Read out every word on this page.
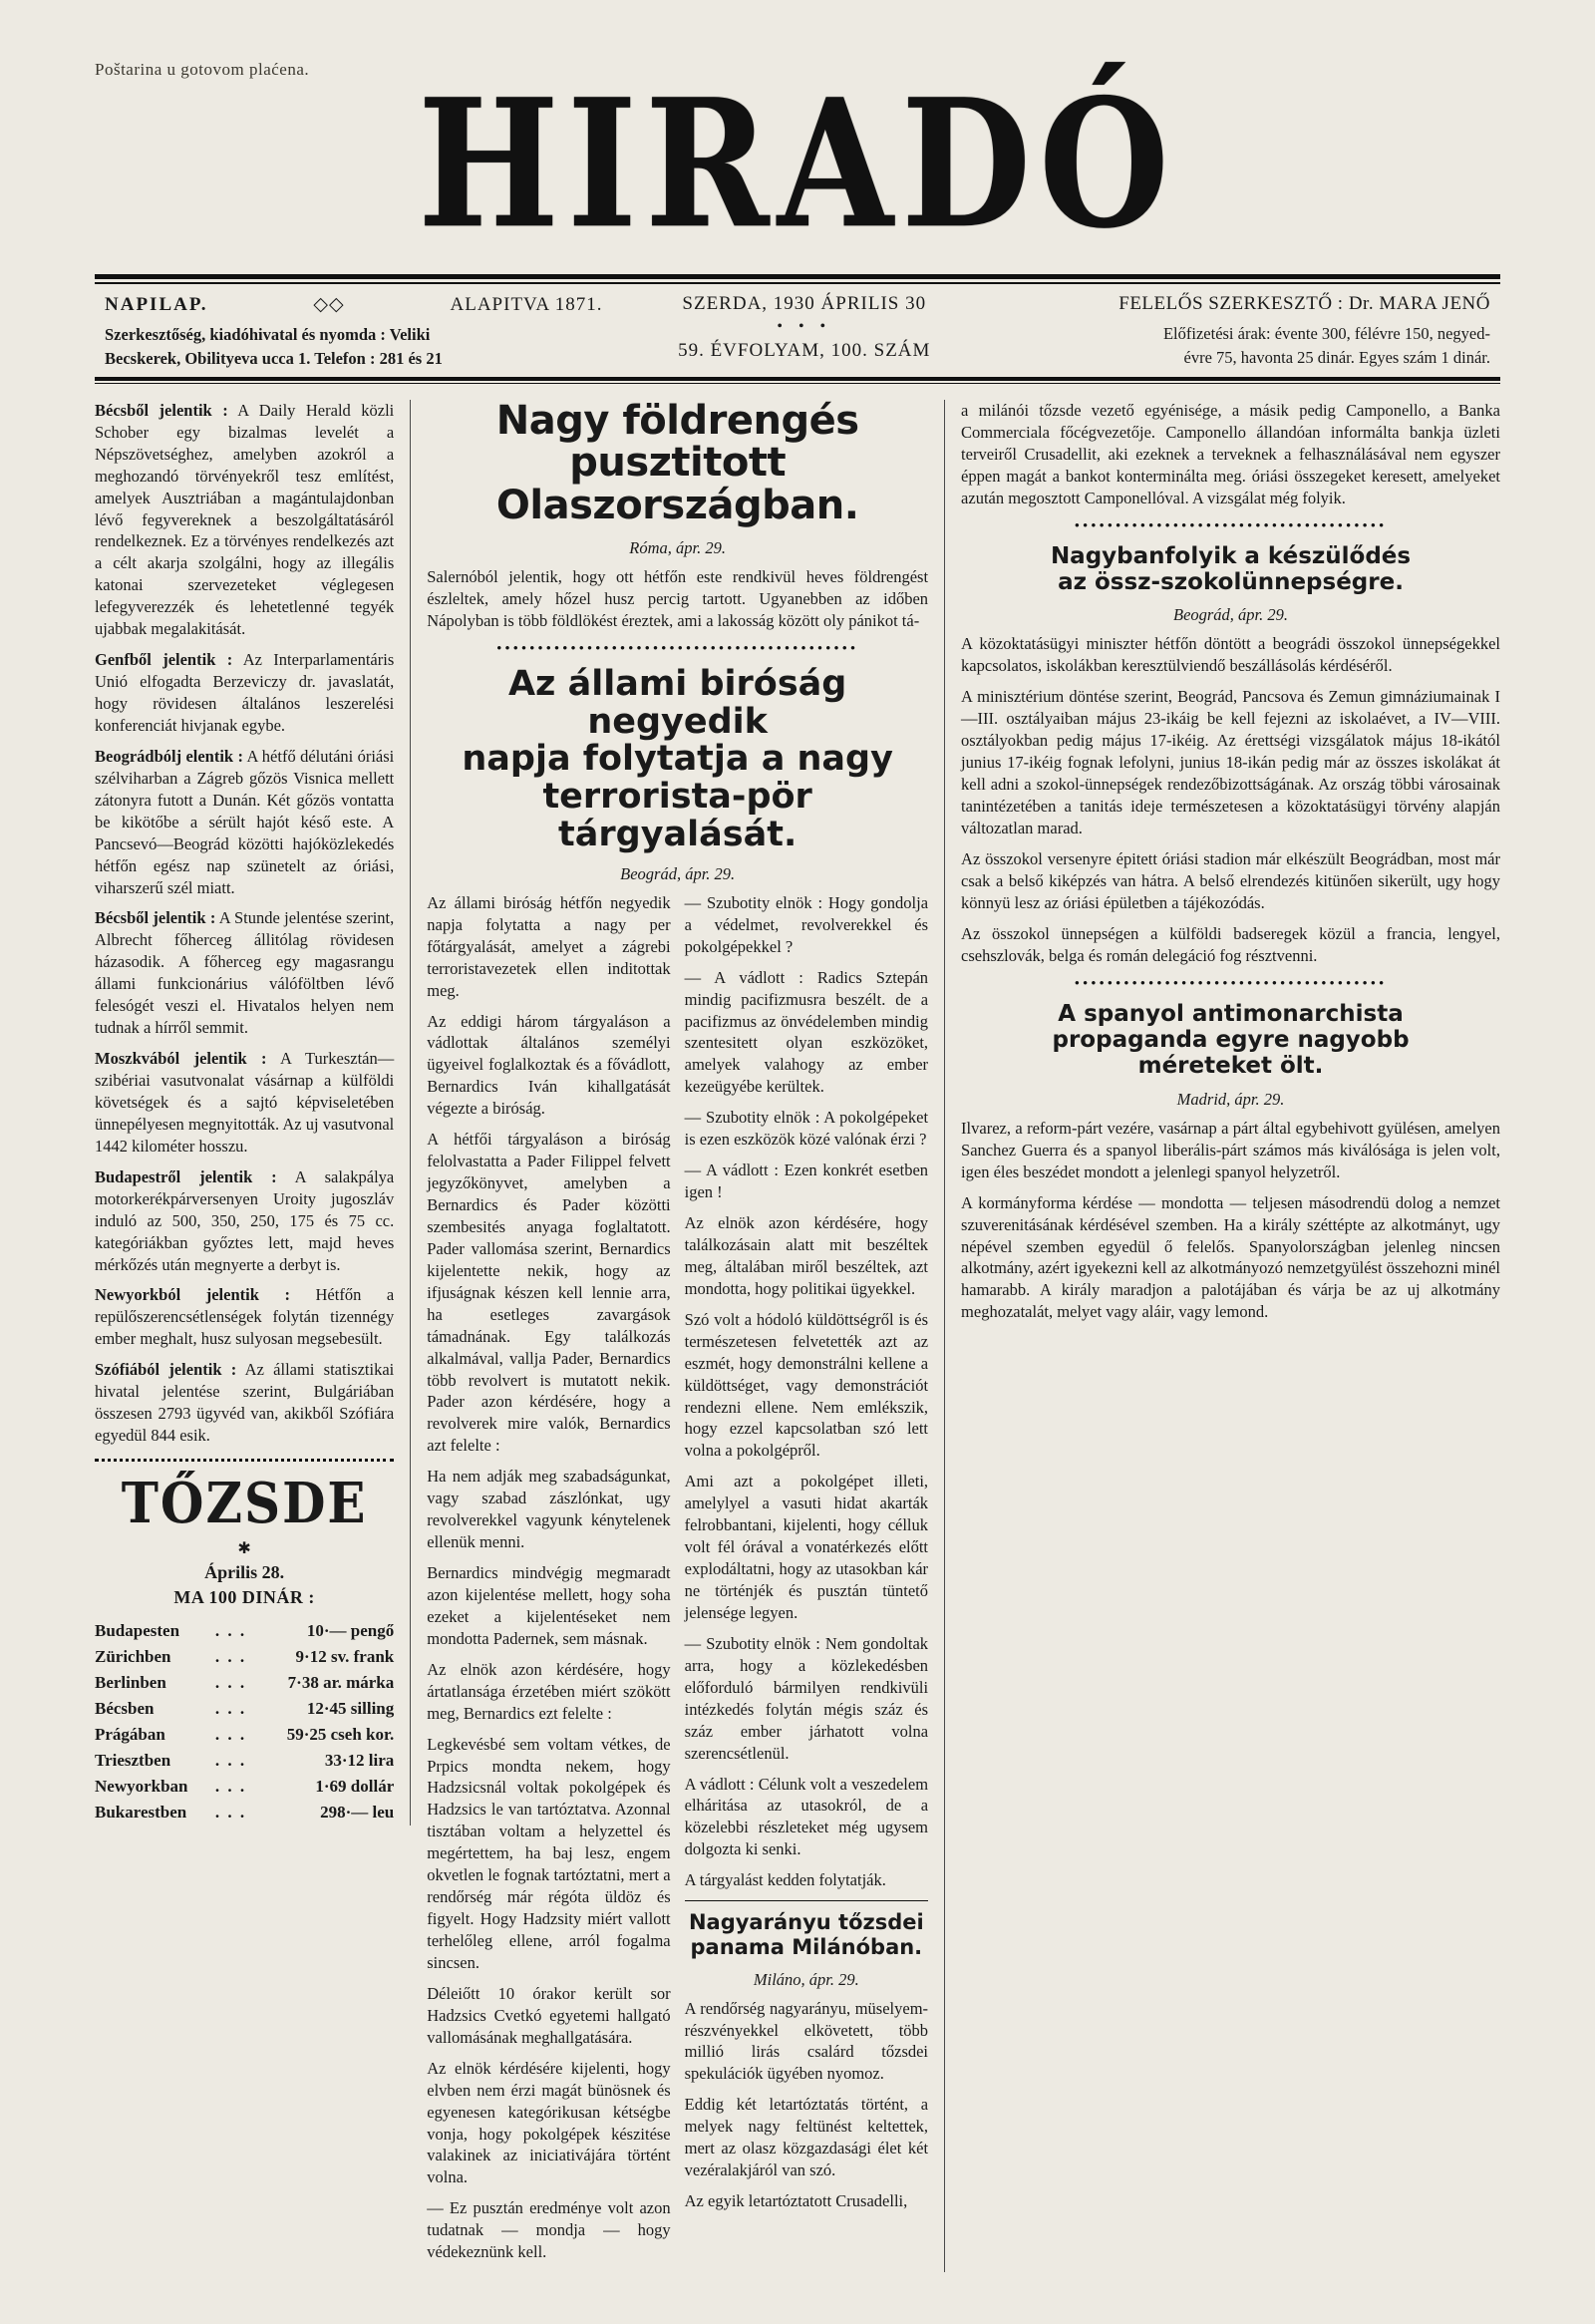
Poštarina u gotovom plaćena. HIRADÓ
NAPILAP.	◇◇	ALAPITVA 1871.
Szerkesztőség, kiadóhivatal és nyomda : Veliki
Becskerek, Obilityeva ucca 1. Telefon : 281 és 21
SZERDA, 1930 ÁPRILIS 30
• • •
59. ÉVFOLYAM, 100. SZÁM
FELELŐS SZERKESZTŐ : Dr. MARA JENŐ
Előfizetési árak: évente 300, félévre 150, negyed-
évre 75, havonta 25 dinár. Egyes szám 1 dinár.

Bécsből jelentik : A Daily Herald közli Schober egy bizalmas levelét a Népszövetséghez, amelyben azokról a meghozandó törvényekről tesz említést, amelyek Ausztriában a magántulajdonban lévő fegyvereknek a beszolgáltatásáról rendelkeznek. Ez a törvényes rendelkezés azt a célt akarja szolgálni, hogy az illegális katonai szervezeteket véglegesen lefegyverezzék és lehetetlenné tegyék ujabbak megalakitását.

Genfből jelentik : Az Interparlamentáris Unió elfogadta Berzeviczy dr. javaslatát, hogy rövidesen általános leszerelési konferenciát hivjanak egybe.

Beográdbólj elentik : A hétfő délutáni óriási szélviharban a Zágreb gőzös Visnica mellett zátonyra futott a Dunán. Két gőzös vontatta be kikötőbe a sérült hajót késő este. A Pancsevó—Beográd közötti hajóközlekedés hétfőn egész nap szünetelt az óriási, viharszerű szél miatt.

Bécsből jelentik : A Stunde jelentése szerint, Albrecht főherceg állitólag rövidesen házasodik. A főherceg egy magasrangu állami funkcionárius válóföltben lévő felesógét veszi el. Hivatalos helyen nem tudnak a hírről semmit.

Moszkvából jelentik : A Turkesztán—szibériai vasutvonalat vásárnap a külföldi követségek és a sajtó képviseletében ünnepélyesen megnyitották. Az uj vasutvonal 1442 kilométer hosszu.

Budapestről jelentik : A salakpálya motorkerékpárversenyen Uroity jugoszláv induló az 500, 350, 250, 175 és 75 cc. kategóriákban győztes lett, majd heves mérkőzés után megnyerte a derbyt is.

Newyorkból jelentik : Hétfőn a repülőszerencsétlenségek folytán tizennégy ember meghalt, husz sulyosan megsebesült.

Szófiából jelentik : Az állami statisztikai hivatal jelentése szerint, Bulgáriában összesen 2793 ügyvéd van, akikből Szófiára egyedül 844 esik.

TŐZSDE
✱
Április 28.
MA 100 DINÁR :
Budapesten	. . .	10·— pengő
Zürichben	. . .	9·12 sv. frank
Berlinben	. . .	7·38 ar. márka
Bécsben	. . .	12·45 silling
Prágában	. . .	59·25 cseh kor.
Triesztben	. . .	33·12 lira
Newyorkban	. . .	1·69 dollár
Bukarestben	. . .	298·— leu
Nagy földrengés pusztitott
Olaszországban.
Róma, ápr. 29.

Salernóból jelentik, hogy ott hétfőn este rendkivül heves földrengést észleltek, amely hőzel husz percig tartott. Ugyanebben az időben Nápolyban is több földlökést éreztek, ami a lakosság között oly pánikot tá-

••••••••••••••••••••••••••••••••••••••••••••
Az állami biróság negyedik
napja folytatja a nagy
terrorista-pör tárgyalását.
Beográd, ápr. 29.

Az állami biróság hétfőn negyedik napja folytatta a nagy per főtárgyalását, amelyet a zágrebi terroristavezetek ellen inditottak meg.

Az eddigi három tárgyaláson a vádlottak általános személyi ügyeivel foglalkoztak és a fővádlott, Bernardics Iván kihallgatását végezte a biróság.

A hétfői tárgyaláson a biróság felolvastatta a Pader Filippel felvett jegyzőkönyvet, amelyben a Bernardics és Pader közötti szembesités anyaga foglaltatott. Pader vallomása szerint, Bernardics kijelentette nekik, hogy az ifjuságnak készen kell lennie arra, ha esetleges zavargások támadnának. Egy találkozás alkalmával, vallja Pader, Bernardics több revolvert is mutatott nekik. Pader azon kérdésére, hogy a revolverek mire valók, Bernardics azt felelte :

Ha nem adják meg szabadságunkat, vagy szabad zászlónkat, ugy revolverekkel vagyunk kénytelenek ellenük menni.

Bernardics mindvégig megmaradt azon kijelentése mellett, hogy soha ezeket a kijelentéseket nem mondotta Padernek, sem másnak.

Az elnök azon kérdésére, hogy ártatlansága érzetében miért szökött meg, Bernardics ezt felelte :

Legkevésbé sem voltam vétkes, de Prpics mondta nekem, hogy Hadzsicsnál voltak pokolgépek és Hadzsics le van tartóztatva. Azonnal tisztában voltam a helyzettel és megértettem, ha baj lesz, engem okvetlen le fognak tartóztatni, mert a rendőrség már régóta üldöz és figyelt. Hogy Hadzsity miért vallott terhelőleg ellene, arról fogalma sincsen.

Déleiőtt 10 órakor került sor Hadzsics Cvetkó egyetemi hallgató vallomásának meghallgatására.

Az elnök kérdésére kijelenti, hogy elvben nem érzi magát bünösnek és egyenesen kategórikusan kétségbe vonja, hogy pokolgépek készitése valakinek az iniciativájára történt volna.

— Ez pusztán eredménye volt azon tudatnak — mondja — hogy védekeznünk kell.

— Szubotity elnök : Hogy gondolja a védelmet, revolverekkel és pokolgépekkel ?

— A vádlott : Radics Sztepán mindig pacifizmusra beszélt. de a pacifizmus az önvédelemben mindig szentesitett olyan eszközöket, amelyek valahogy az ember kezeügyébe kerültek.

— Szubotity elnök : A pokolgépeket is ezen eszközök közé valónak érzi ?

— A vádlott : Ezen konkrét esetben igen !

Az elnök azon kérdésére, hogy találkozásain alatt mit beszéltek meg, általában miről beszéltek, azt mondotta, hogy politikai ügyekkel.

Szó volt a hódoló küldöttségről is és természetesen felvetették azt az eszmét, hogy demonstrálni kellene a küldöttséget, vagy demonstrációt rendezni ellene. Nem emlékszik, hogy ezzel kapcsolatban szó lett volna a pokolgépről.

Ami azt a pokolgépet illeti, amelylyel a vasuti hidat akarták felrobbantani, kijelenti, hogy célluk volt fél órával a vonatérkezés előtt explodáltatni, hogy az utasokban kár ne történjék és pusztán tüntető jelensége legyen.

— Szubotity elnök : Nem gondoltak arra, hogy a közlekedésben előforduló bármilyen rendkivüli intézkedés folytán mégis száz és száz ember járhatott volna szerencsétlenül.

A vádlott : Célunk volt a veszedelem elháritása az utasokról, de a közelebbi részleteket még ugysem dolgozta ki senki.

A tárgyalást kedden folytatják.

Nagyarányu tőzsdei
panama Milánóban.
Miláno, ápr. 29.

A rendőrség nagyarányu, müselyem-részvényekkel elkövetett, több millió lirás csalárd tőzsdei spekulációk ügyében nyomoz.

Eddig két letartóztatás történt, a melyek nagy feltünést keltettek, mert az olasz közgazdasági élet két vezéralakjáról van szó.

Az egyik letartóztatott Crusadelli,

a milánói tőzsde vezető egyénisége, a másik pedig Camponello, a Banka Commerciala főcégvezetője. Camponello állandóan informálta bankja üzleti terveiről Crusadellit, aki ezeknek a terveknek a felhasználásával nem egyszer éppen magát a bankot konterminálta meg. óriási összegeket keresett, amelyeket azután megosztott Camponellóval. A vizsgálat még folyik.

••••••••••••••••••••••••••••••••••••••
Nagybanfolyik a készülődés
az össz-szokolünnepségre.
Beográd, ápr. 29.

A közoktatásügyi miniszter hétfőn döntött a beográdi összokol ünnepségekkel kapcsolatos, iskolákban keresztülviendő beszállásolás kérdéséről.

A minisztérium döntése szerint, Beográd, Pancsova és Zemun gimnáziumainak I—III. osztályaiban május 23-ikáig be kell fejezni az iskolaévet, a IV—VIII. osztályokban pedig május 17-ikéig. Az érettségi vizsgálatok május 18-ikától junius 17-ikéig fognak lefolyni, junius 18-ikán pedig már az összes iskolákat át kell adni a szokol-ünnepségek rendezőbizottságának. Az ország többi városainak tanintézetében a tanitás ideje természetesen a közoktatásügyi törvény alapján változatlan marad.

Az összokol versenyre épitett óriási stadion már elkészült Beográdban, most már csak a belső kiképzés van hátra. A belső elrendezés kitünően sikerült, ugy hogy könnyü lesz az óriási épületben a tájékozódás.

Az összokol ünnepségen a külföldi badseregek közül a francia, lengyel, csehszlovák, belga és román delegáció fog résztvenni.

••••••••••••••••••••••••••••••••••••••
A spanyol antimonarchista
propaganda egyre nagyobb
méreteket ölt.
Madrid, ápr. 29.

Ilvarez, a reform-párt vezére, vasárnap a párt által egybehivott gyülésen, amelyen Sanchez Guerra és a spanyol liberális-párt számos más kiválósága is jelen volt, igen éles beszédet mondott a jelenlegi spanyol helyzetről.

A kormányforma kérdése — mondotta — teljesen másodrendü dolog a nemzet szuverenitásának kérdésével szemben. Ha a király széttépte az alkotmányt, ugy népével szemben egyedül ő felelős. Spanyolországban jelenleg nincsen alkotmány, azért igyekezni kell az alkotmányozó nemzetgyülést összehozni minél hamarabb. A király maradjon a palotájában és várja be az uj alkotmány meghozatalát, melyet vagy aláir, vagy lemond.
